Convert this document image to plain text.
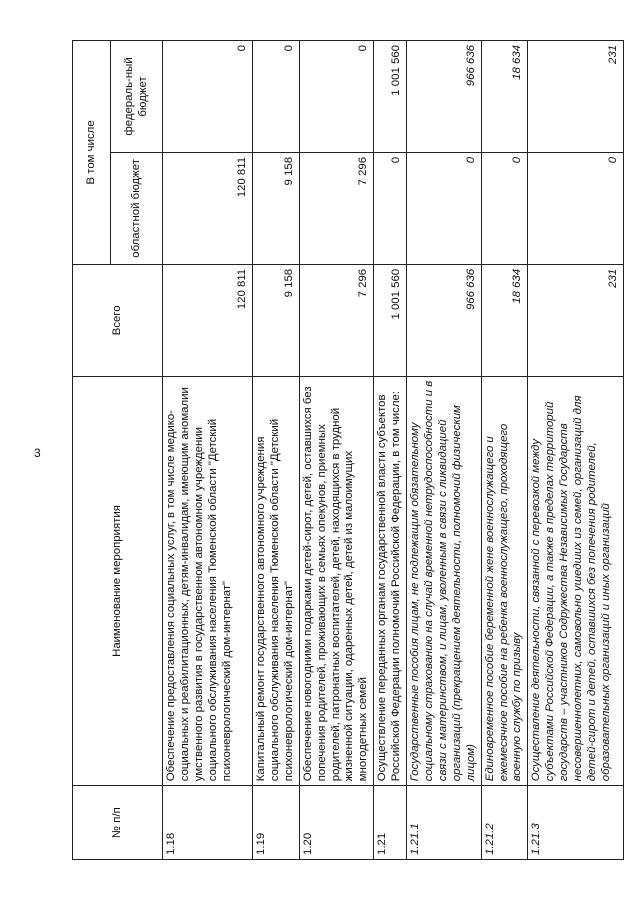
3
№ п/п	Наименование мероприятия	Всего	В том числе	
			областной бюджет	федераль-ный бюджет
1.18	Обеспечение предоставления социальных услуг, в том числе медико-социальных и реабилитационных, детям-инвалидам, имеющим аномалии умственного развития в государственном автономном учреждении социального обслуживания населения Тюменской области "Детский психоневрологический дом-интернат"	120 811	120 811	0
1.19	Капитальный ремонт государственного автономного учреждения социального обслуживания населения Тюменской области "Детский психоневрологический дом-интернат"	9 158	9 158	0
1.20	Обеспечение новогодними подарками детей-сирот, детей, оставшихся без попечения родителей, проживающих в семьях опекунов, приемных родителей, патронатных воспитателей, детей, находящихся в трудной жизненной ситуации, одаренных детей, детей из малоимущих многодетных семей	7 296	7 296	0
1.21	Осуществление переданных органам государственной власти субъектов Российской Федерации полномочий Российской Федерации, в том числе:	1 001 560	0	1 001 560
1.21.1	Государственные пособия лицам, не подлежащим обязательному социальному страхованию на случай временной нетрудоспособности и в связи с материнством, и лицам, уволенным в связи с ликвидацией организаций (прекращением деятельности, полномочий физическим лицом)	966 636	0	966 636
1.21.2	Единовременное пособие беременной жене военнослужащего и ежемесячное пособие на ребенка военнослужащего, проходящего военную службу по призыву	18 634	0	18 634
1.21.3	Осуществление деятельности, связанной с перевозкой между субъектами Российской Федерации, а также в пределах территорий государств – участников Содружества Независимых Государств несовершеннолетних, самовольно ушедших из семей, организаций для детей-сирот и детей, оставшихся без попечения родителей, образовательных организаций и иных организаций	231	0	231
